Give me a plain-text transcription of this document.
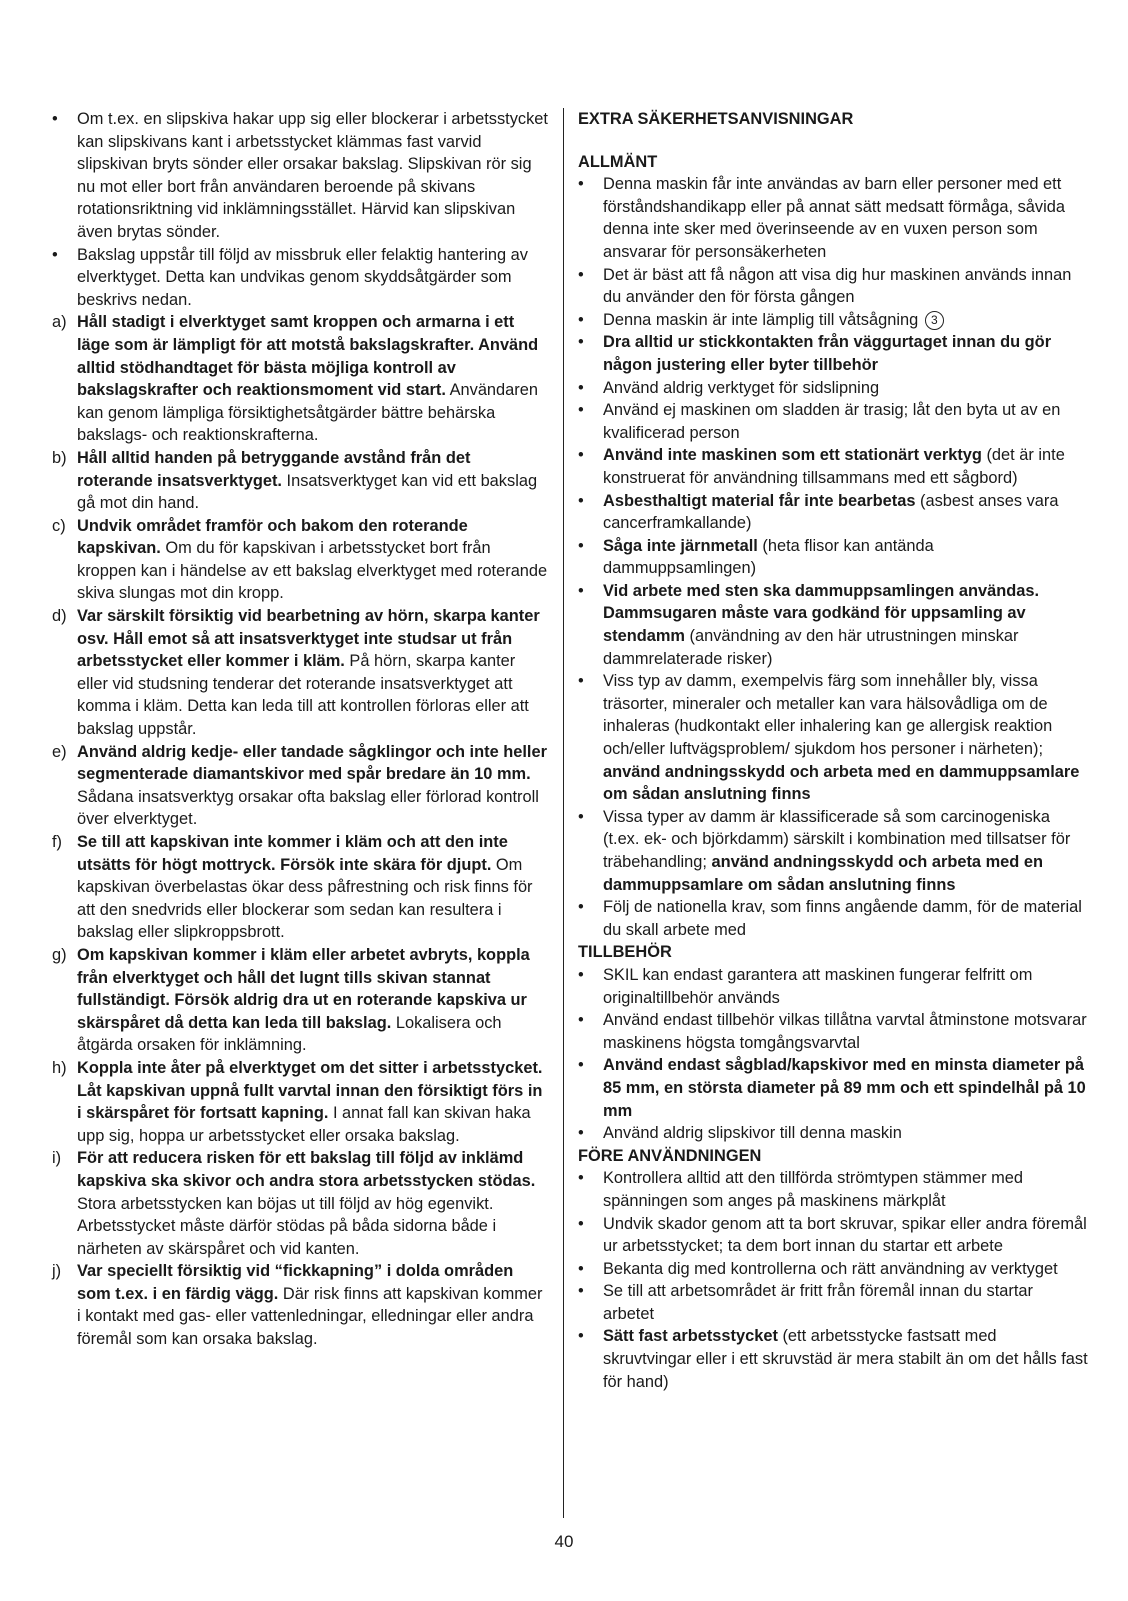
•	Om t.ex. en slipskiva hakar upp sig eller blockerar i arbetsstycket kan slipskivans kant i arbetsstycket klämmas fast varvid slipskivan bryts sönder eller orsakar bakslag. Slipskivan rör sig nu mot eller bort från användaren beroende på skivans rotationsriktning vid inklämningsstället. Härvid kan slipskivan även brytas sönder.

•	Bakslag uppstår till följd av missbruk eller felaktig hantering av elverktyget. Detta kan undvikas genom skyddsåtgärder som beskrivs nedan.

a) Håll stadigt i elverktyget samt kroppen och armarna i ett läge som är lämpligt för att motstå bakslagskrafter. Använd alltid stödhandtaget för bästa möjliga kontroll av bakslagskrafter och reaktionsmoment vid start. Användaren kan genom lämpliga försiktighetsåtgärder bättre behärska bakslags- och reaktionskrafterna.

b) Håll alltid handen på betryggande avstånd från det roterande insatsverktyget. Insatsverktyget kan vid ett bakslag gå mot din hand.

c) Undvik området framför och bakom den roterande kapskivan. Om du för kapskivan i arbetsstycket bort från kroppen kan i händelse av ett bakslag elverktyget med roterande skiva slungas mot din kropp.

d) Var särskilt försiktig vid bearbetning av hörn, skarpa kanter osv. Håll emot så att insatsverktyget inte studsar ut från arbetsstycket eller kommer i kläm. På hörn, skarpa kanter eller vid studsning tenderar det roterande insatsverktyget att komma i kläm. Detta kan leda till att kontrollen förloras eller att bakslag uppstår.

e) Använd aldrig kedje- eller tandade sågklingor och inte heller segmenterade diamantskivor med spår bredare än 10 mm. Sådana insatsverktyg orsakar ofta bakslag eller förlorad kontroll över elverktyget.

f) Se till att kapskivan inte kommer i kläm och att den inte utsätts för högt mottryck. Försök inte skära för djupt. Om kapskivan överbelastas ökar dess påfrestning och risk finns för att den snedvrids eller blockerar som sedan kan resultera i bakslag eller slipkroppsbrott.

g) Om kapskivan kommer i kläm eller arbetet avbryts, koppla från elverktyget och håll det lugnt tills skivan stannat fullständigt. Försök aldrig dra ut en roterande kapskiva ur skärspåret då detta kan leda till bakslag. Lokalisera och åtgärda orsaken för inklämning.

h) Koppla inte åter på elverktyget om det sitter i arbetsstycket. Låt kapskivan uppnå fullt varvtal innan den försiktigt förs in i skärspåret för fortsatt kapning. I annat fall kan skivan haka upp sig, hoppa ur arbetsstycket eller orsaka bakslag.

i) För att reducera risken för ett bakslag till följd av inklämd kapskiva ska skivor och andra stora arbetsstycken stödas. Stora arbetsstycken kan böjas ut till följd av hög egenvikt. Arbetsstycket måste därför stödas på båda sidorna både i närheten av skärspåret och vid kanten.

j) Var speciellt försiktig vid “fickkapning” i dolda områden som t.ex. i en färdig vägg. Där risk finns att kapskivan kommer i kontakt med gas- eller vattenledningar, elledningar eller andra föremål som kan orsaka bakslag.

EXTRA SÄKERHETSANVISNINGAR

ALLMÄNT

•	Denna maskin får inte användas av barn eller personer med ett förståndshandikapp eller på annat sätt medsatt förmåga, såvida denna inte sker med överinseende av en vuxen person som ansvarar för personsäkerheten

•	Det är bäst att få någon att visa dig hur maskinen används innan du använder den för första gången

•	Denna maskin är inte lämplig till våtsågning 3

•	Dra alltid ur stickkontakten från väggurtaget innan du gör någon justering eller byter tillbehör

•	Använd aldrig verktyget för sidslipning

•	Använd ej maskinen om sladden är trasig; låt den byta ut av en kvalificerad person

•	Använd inte maskinen som ett stationärt verktyg (det är inte konstruerat för användning tillsammans med ett sågbord)

•	Asbesthaltigt material får inte bearbetas (asbest anses vara cancerframkallande)

•	Såga inte järnmetall (heta flisor kan antända dammuppsamlingen)

•	Vid arbete med sten ska dammuppsamlingen användas. Dammsugaren måste vara godkänd för uppsamling av stendamm (användning av den här utrustningen minskar dammrelaterade risker)

•	Viss typ av damm, exempelvis färg som innehåller bly, vissa träsorter, mineraler och metaller kan vara hälsovådliga om de inhaleras (hudkontakt eller inhalering kan ge allergisk reaktion och/eller luftvägsproblem/ sjukdom hos personer i närheten); använd andningsskydd och arbeta med en dammuppsamlare om sådan anslutning finns

•	Vissa typer av damm är klassificerade så som carcinogeniska (t.ex. ek- och björkdamm) särskilt i kombination med tillsatser för träbehandling; använd andningsskydd och arbeta med en dammuppsamlare om sådan anslutning finns

•	Följ de nationella krav, som finns angående damm, för de material du skall arbete med

TILLBEHÖR

•	SKIL kan endast garantera att maskinen fungerar felfritt om originaltillbehör används

•	Använd endast tillbehör vilkas tillåtna varvtal åtminstone motsvarar maskinens högsta tomgångsvarvtal

•	Använd endast sågblad/kapskivor med en minsta diameter på 85 mm, en största diameter på 89 mm och ett spindelhål på 10 mm

•	Använd aldrig slipskivor till denna maskin

FÖRE ANVÄNDNINGEN

•	Kontrollera alltid att den tillförda strömtypen stämmer med spänningen som anges på maskinens märkplåt

•	Undvik skador genom att ta bort skruvar, spikar eller andra föremål ur arbetsstycket; ta dem bort innan du startar ett arbete

•	Bekanta dig med kontrollerna och rätt användning av verktyget

•	Se till att arbetsområdet är fritt från föremål innan du startar arbetet

•	Sätt fast arbetsstycket (ett arbetsstycke fastsatt med skruvtvingar eller i ett skruvstäd är mera stabilt än om det hålls fast för hand)

40
